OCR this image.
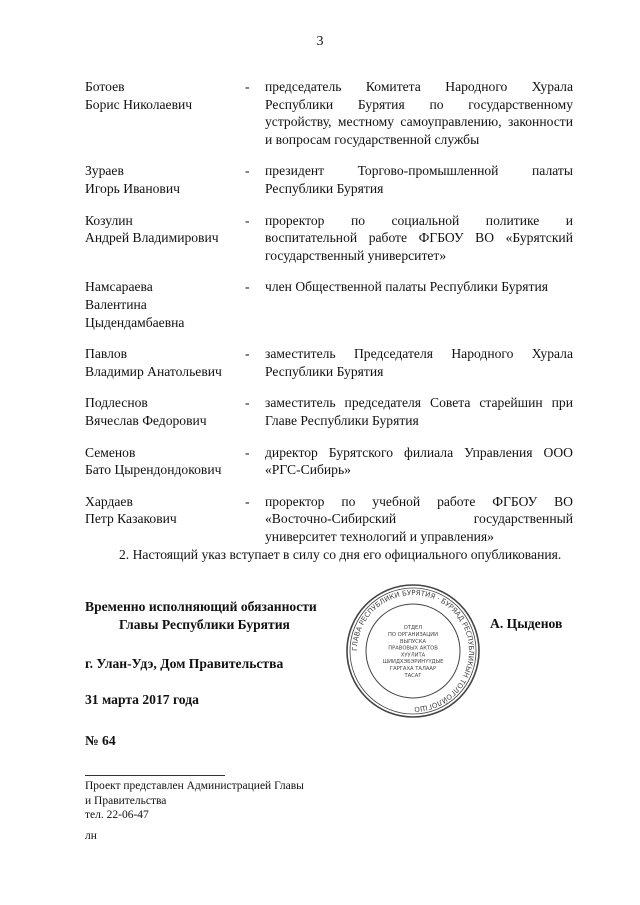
3
Ботоев
Борис Николаевич
-	председатель Комитета Народного Хурала Республики Бурятия по государственному устройству, местному самоуправлению, законности и вопросам государственной службы
Зураев
Игорь Иванович
-	президент Торгово-промышленной палаты Республики Бурятия
Козулин
Андрей Владимирович
-	проректор по социальной политике и воспитательной работе ФГБОУ ВО «Бурятский государственный университет»
Намсараева
Валентина
Цыдендамбаевна
-	член Общественной палаты Республики Бурятия
Павлов
Владимир Анатольевич
-	заместитель Председателя Народного Хурала Республики Бурятия
Подлеснов
Вячеслав Федорович
-	заместитель председателя Совета старейшин при Главе Республики Бурятия
Семенов
Бато Цырендондокович
-	директор Бурятского филиала Управления ООО «РГС-Сибирь»
Хардаев
Петр Казакович
-	проректор по учебной работе ФГБОУ ВО «Восточно-Сибирский государственный университет технологий и управления»
2. Настоящий указ вступает в силу со дня его официального опубликования.
Временно исполняющий обязанности
Главы Республики Бурятия
ГЛАВА РЕСПУБЛИКИ БУРЯТИЯ · БУРЯАД РЕСПУБЛИКЫН ТОЛГОЙЛОГШО
ОТДЕЛ
ПО ОРГАНИЗАЦИИ
ВЫПУСКА
ПРАВОВЫХ АКТОВ
ХУУЛИТА
ШИИДХЭБЭРИНҮҮДЫЕ
ГАРГАХА ТАЛААР
ТАСАГ
А. Цыденов
г. Улан-Удэ, Дом Правительства
31 марта 2017 года
№ 64
Проект представлен Администрацией Главы
и Правительства
тел. 22-06-47
лн
